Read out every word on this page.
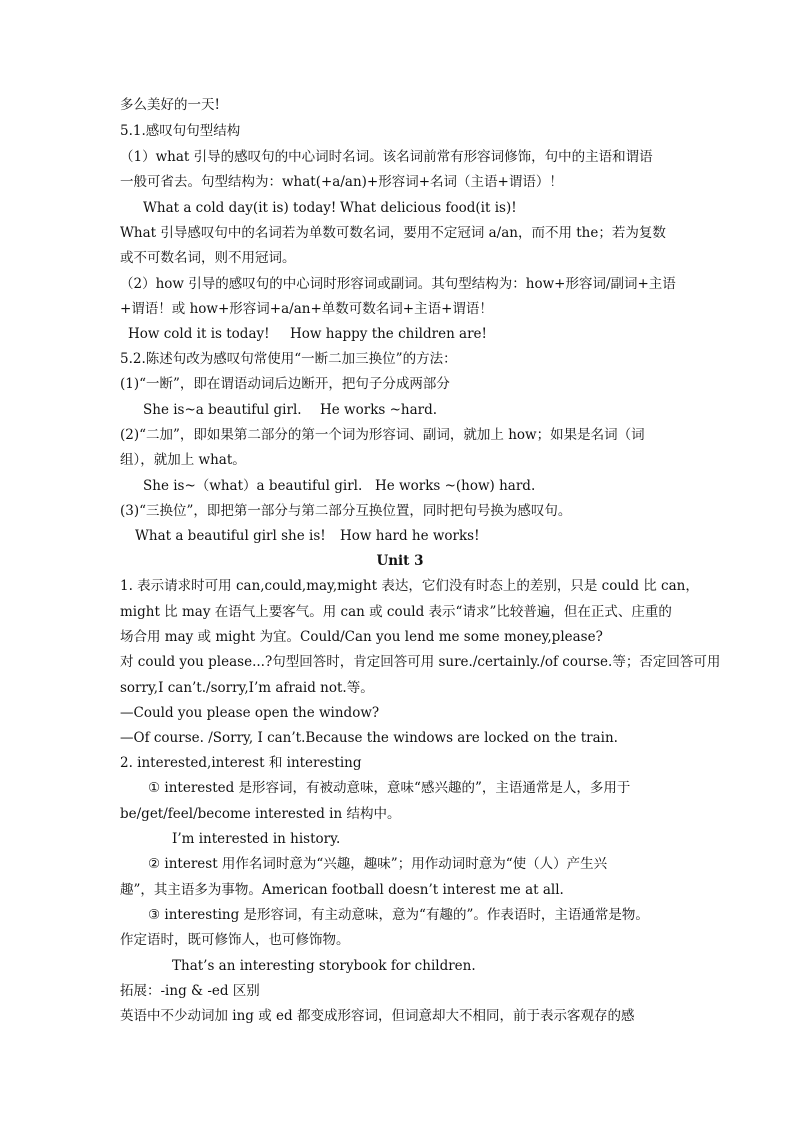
多么美好的一天!
5.1.感叹句句型结构
（1）what 引导的感叹句的中心词时名词。该名词前常有形容词修饰，句中的主语和谓语
一般可省去。句型结构为：what(+a/an)+形容词+名词（主语+谓语）！
What a cold day(it is) today! What delicious food(it is)!
What 引导感叹句中的名词若为单数可数名词，要用不定冠词 a/an，而不用 the；若为复数
或不可数名词，则不用冠词。
（2）how 引导的感叹句的中心词时形容词或副词。其句型结构为：how+形容词/副词+主语
+谓语！或 how+形容词+a/an+单数可数名词+主语+谓语！
How cold it is today! How happy the children are!
5.2.陈述句改为感叹句常使用“一断二加三换位”的方法：
(1)“一断”，即在谓语动词后边断开，把句子分成两部分
She is~a beautiful girl. He works ~hard.
(2)“二加”，即如果第二部分的第一个词为形容词、副词，就加上 how；如果是名词（词
组），就加上 what。
She is~（what）a beautiful girl. He works ~(how) hard.
(3)“三换位”，即把第一部分与第二部分互换位置，同时把句号换为感叹句。
What a beautiful girl she is! How hard he works!
Unit 3
1. 表示请求时可用 can,could,may,might 表达，它们没有时态上的差别，只是 could 比 can，
might 比 may 在语气上要客气。用 can 或 could 表示“请求”比较普遍，但在正式、庄重的
场合用 may 或 might 为宜。Could/Can you lend me some money,please?
对 could you please...?句型回答时，肯定回答可用 sure./certainly./of course.等；否定回答可用
sorry,I can’t./sorry,I’m afraid not.等。
—Could you please open the window?
—Of course. /Sorry, I can’t.Because the windows are locked on the train.
2. interested,interest 和 interesting
① interested 是形容词，有被动意味，意味“感兴趣的”，主语通常是人，多用于
be/get/feel/become interested in 结构中。
I’m interested in history.
② interest 用作名词时意为“兴趣，趣味”；用作动词时意为“使（人）产生兴
趣”，其主语多为事物。American football doesn’t interest me at all.
③ interesting 是形容词，有主动意味，意为“有趣的”。作表语时，主语通常是物。
作定语时，既可修饰人，也可修饰物。
That’s an interesting storybook for children.
拓展：-ing & -ed 区别
英语中不少动词加 ing 或 ed 都变成形容词，但词意却大不相同，前于表示客观存的感
